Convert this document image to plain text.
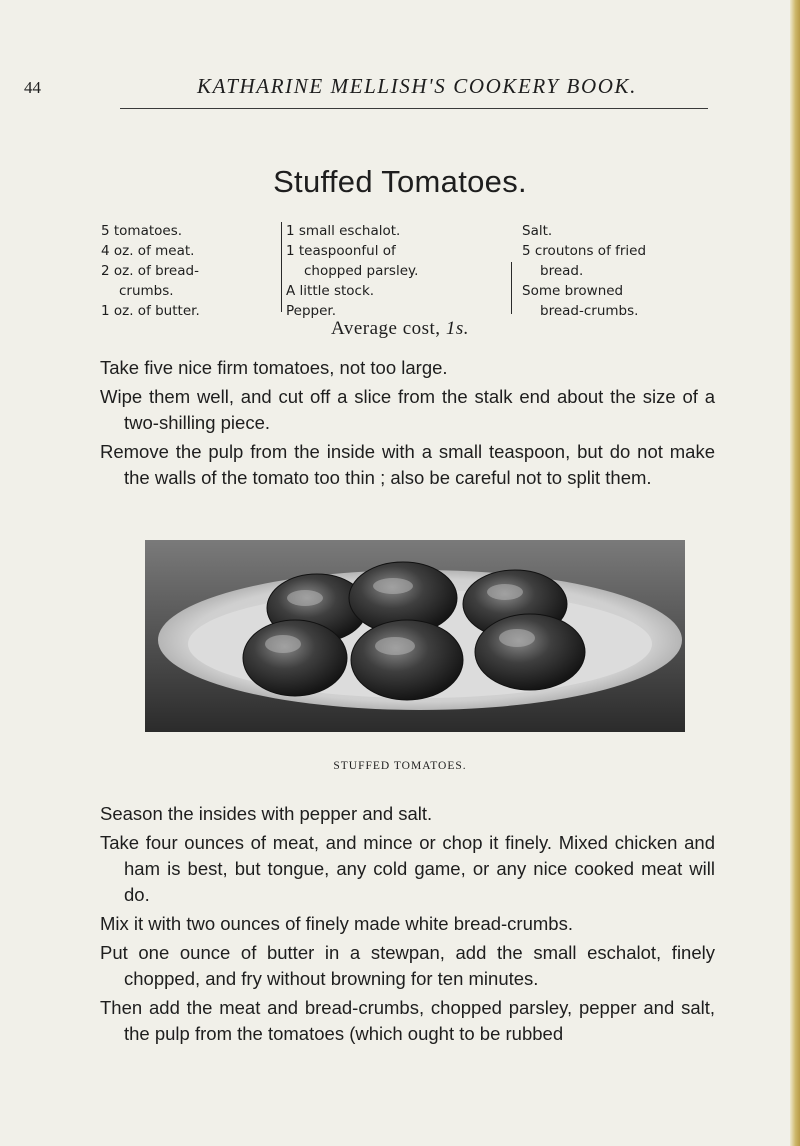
44	KATHARINE MELLISH'S COOKERY BOOK.
Stuffed Tomatoes.
5 tomatoes.
4 oz. of meat.
2 oz. of bread-
crumbs.
1 oz. of butter.
1 small eschalot.
1 teaspoonful of
chopped parsley.
A little stock.
Pepper.
Salt.
5 croutons of fried
bread.
Some browned
bread-crumbs.
Average cost, 1s.

Take five nice firm tomatoes, not too large.

Wipe them well, and cut off a slice from the stalk end about the size of a two-shilling piece.

Remove the pulp from the inside with a small teaspoon, but do not make the walls of the tomato too thin ; also be careful not to split them.

STUFFED TOMATOES.

Season the insides with pepper and salt.

Take four ounces of meat, and mince or chop it finely. Mixed chicken and ham is best, but tongue, any cold game, or any nice cooked meat will do.

Mix it with two ounces of finely made white bread-crumbs.

Put one ounce of butter in a stewpan, add the small eschalot, finely chopped, and fry without browning for ten minutes.

Then add the meat and bread-crumbs, chopped parsley, pepper and salt, the pulp from the tomatoes (which ought to be rubbed
